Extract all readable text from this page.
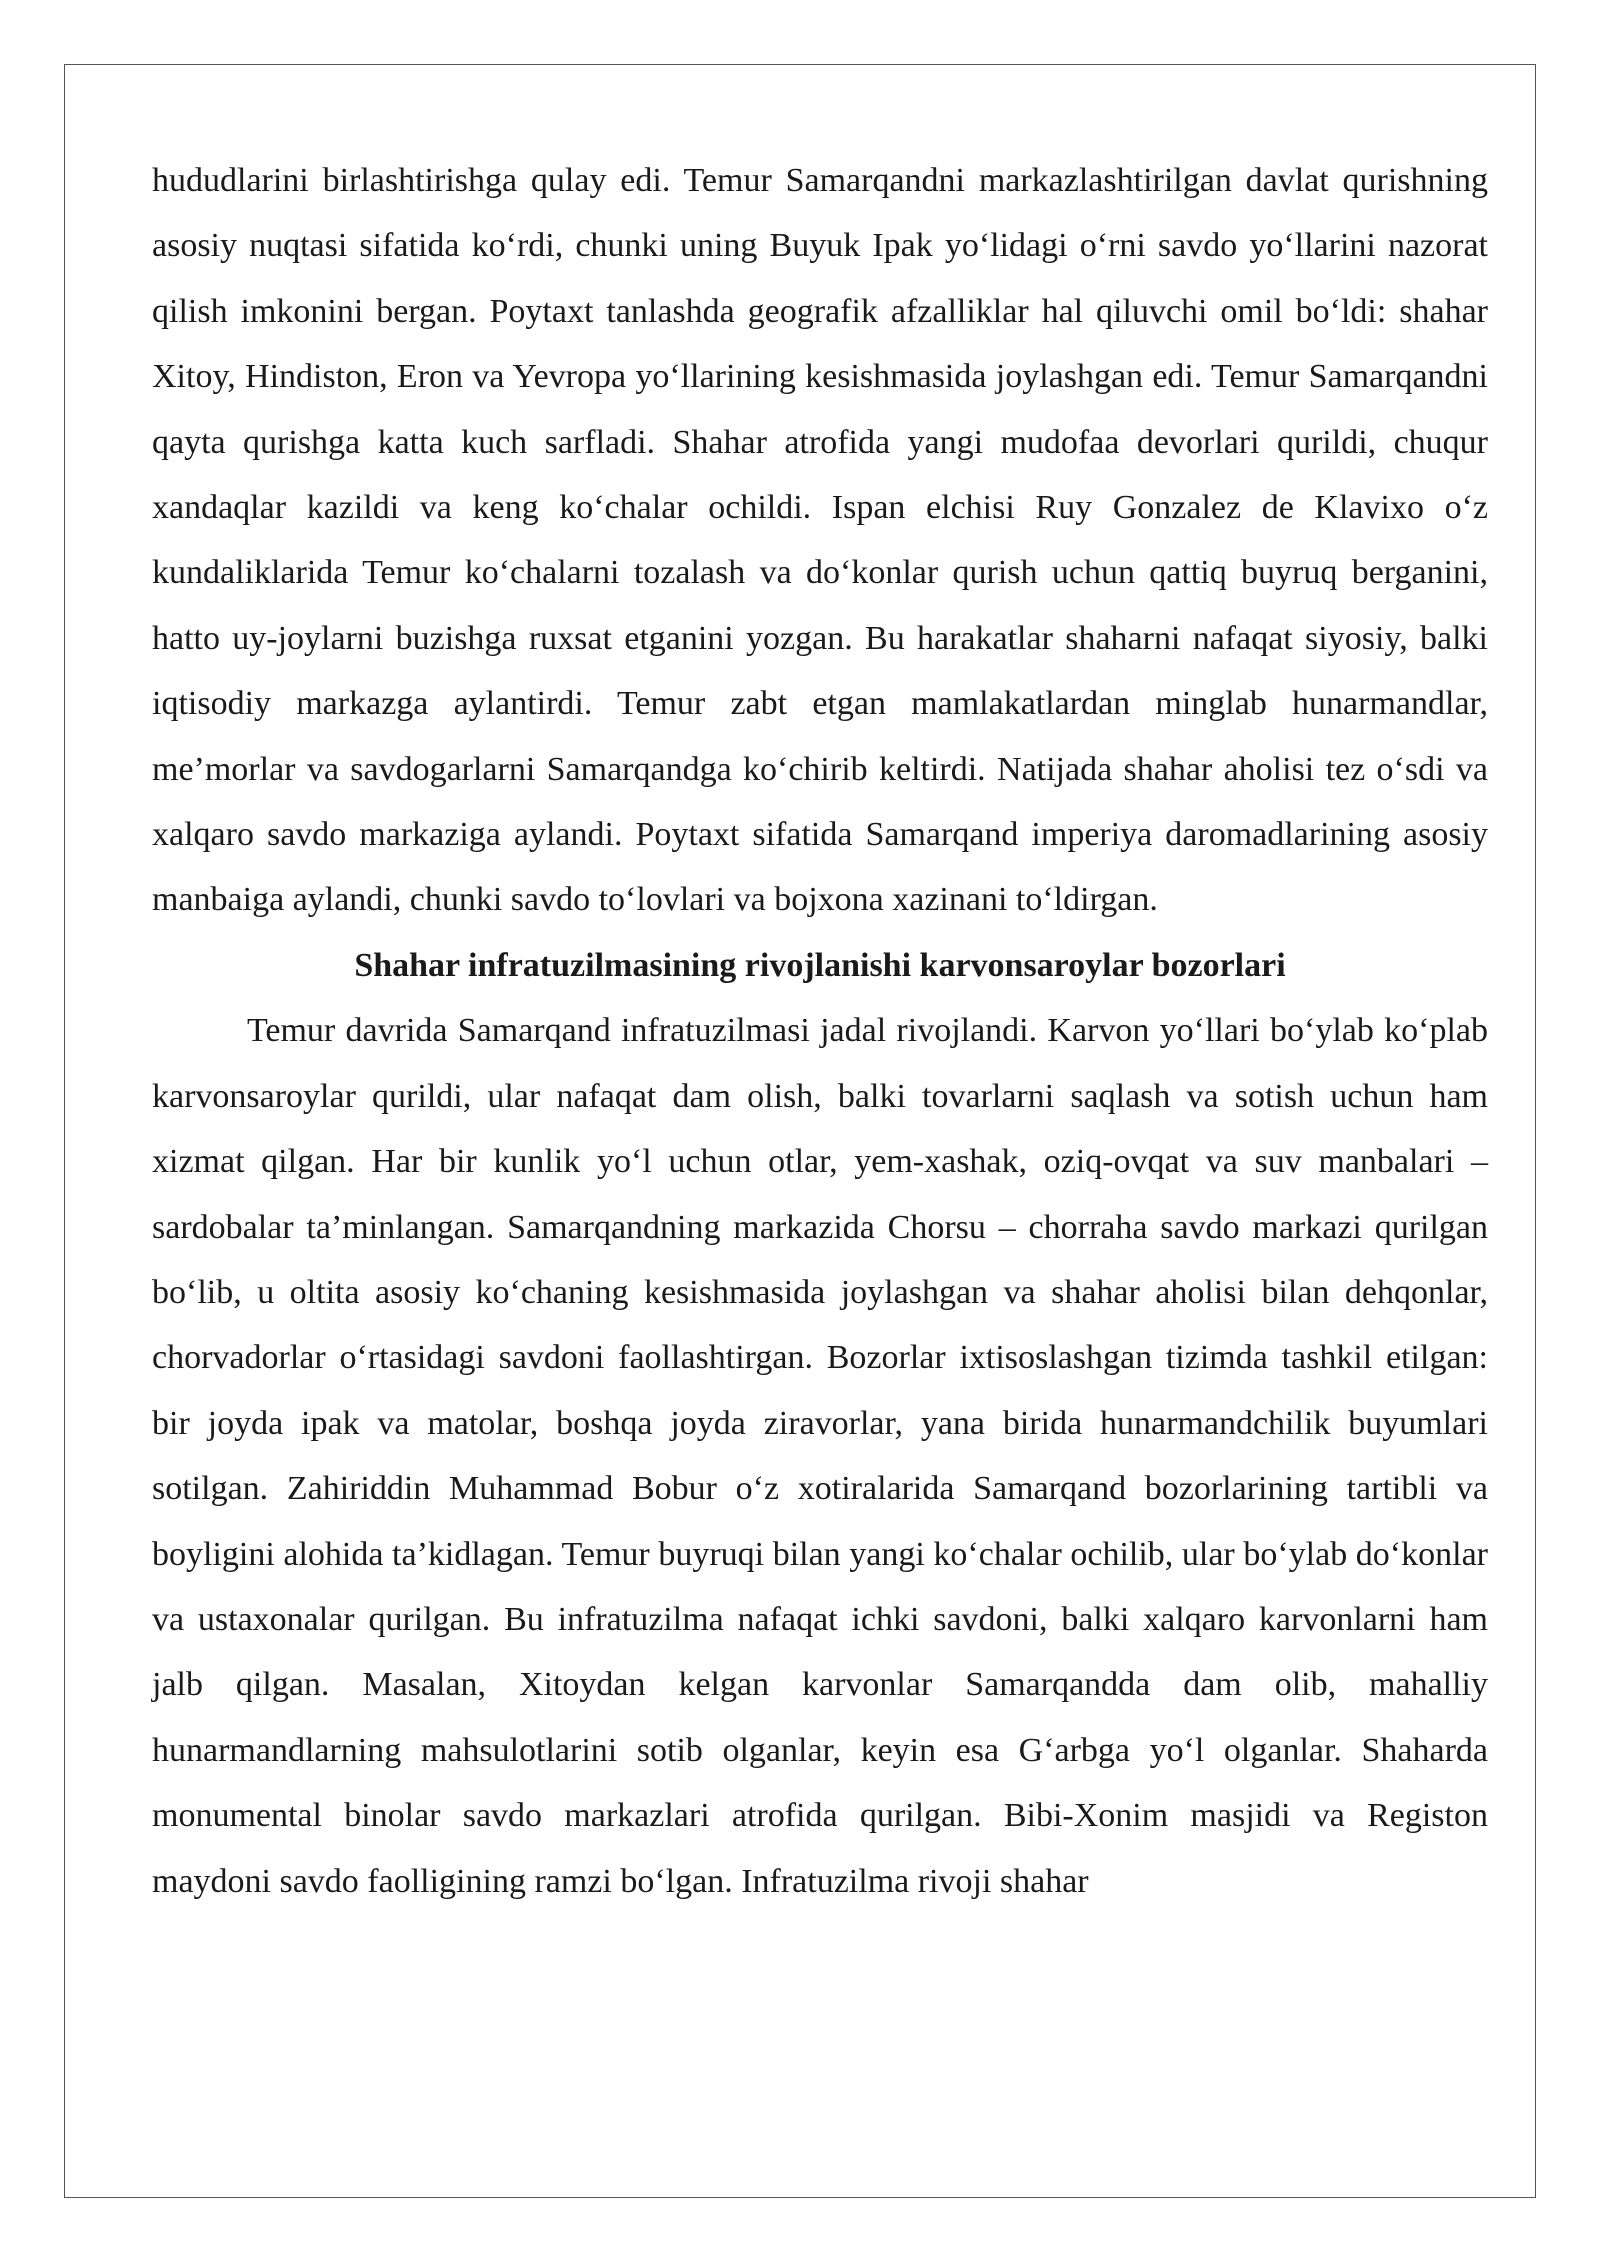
hududlarini birlashtirishga qulay edi. Temur Samarqandni markazlashtirilgan davlat qurishning asosiy nuqtasi sifatida ko‘rdi, chunki uning Buyuk Ipak yo‘lidagi o‘rni savdo yo‘llarini nazorat qilish imkonini bergan. Poytaxt tanlashda geografik afzalliklar hal qiluvchi omil bo‘ldi: shahar Xitoy, Hindiston, Eron va Yevropa yo‘llarining kesishmasida joylashgan edi. Temur Samarqandni qayta qurishga katta kuch sarfladi. Shahar atrofida yangi mudofaa devorlari qurildi, chuqur xandaqlar kazildi va keng ko‘chalar ochildi. Ispan elchisi Ruy Gonzalez de Klavixo o‘z kundaliklarida Temur ko‘chalarni tozalash va do‘konlar qurish uchun qattiq buyruq berganini, hatto uy-joylarni buzishga ruxsat etganini yozgan. Bu harakatlar shaharni nafaqat siyosiy, balki iqtisodiy markazga aylantirdi. Temur zabt etgan mamlakatlardan minglab hunarmandlar, me’morlar va savdogarlarni Samarqandga ko‘chirib keltirdi. Natijada shahar aholisi tez o‘sdi va xalqaro savdo markaziga aylandi. Poytaxt sifatida Samarqand imperiya daromadlarining asosiy manbaiga aylandi, chunki savdo to‘lovlari va bojxona xazinani to‘ldirgan.

Shahar infratuzilmasining rivojlanishi karvonsaroylar bozorlari

Temur davrida Samarqand infratuzilmasi jadal rivojlandi. Karvon yo‘llari bo‘ylab ko‘plab karvonsaroylar qurildi, ular nafaqat dam olish, balki tovarlarni saqlash va sotish uchun ham xizmat qilgan. Har bir kunlik yo‘l uchun otlar, yem-xashak, oziq-ovqat va suv manbalari – sardobalar ta’minlangan. Samarqandning markazida Chorsu – chorraha savdo markazi qurilgan bo‘lib, u oltita asosiy ko‘chaning kesishmasida joylashgan va shahar aholisi bilan dehqonlar, chorvadorlar o‘rtasidagi savdoni faollashtirgan. Bozorlar ixtisoslashgan tizimda tashkil etilgan: bir joyda ipak va matolar, boshqa joyda ziravorlar, yana birida hunarmandchilik buyumlari sotilgan. Zahiriddin Muhammad Bobur o‘z xotiralarida Samarqand bozorlarining tartibli va boyligini alohida ta’kidlagan. Temur buyruqi bilan yangi ko‘chalar ochilib, ular bo‘ylab do‘konlar va ustaxonalar qurilgan. Bu infratuzilma nafaqat ichki savdoni, balki xalqaro karvonlarni ham jalb qilgan. Masalan, Xitoydan kelgan karvonlar Samarqandda dam olib, mahalliy hunarmandlarning mahsulotlarini sotib olganlar, keyin esa G‘arbga yo‘l olganlar. Shaharda monumental binolar savdo markazlari atrofida qurilgan. Bibi-Xonim masjidi va Registon maydoni savdo faolligining ramzi bo‘lgan. Infratuzilma rivoji shahar
